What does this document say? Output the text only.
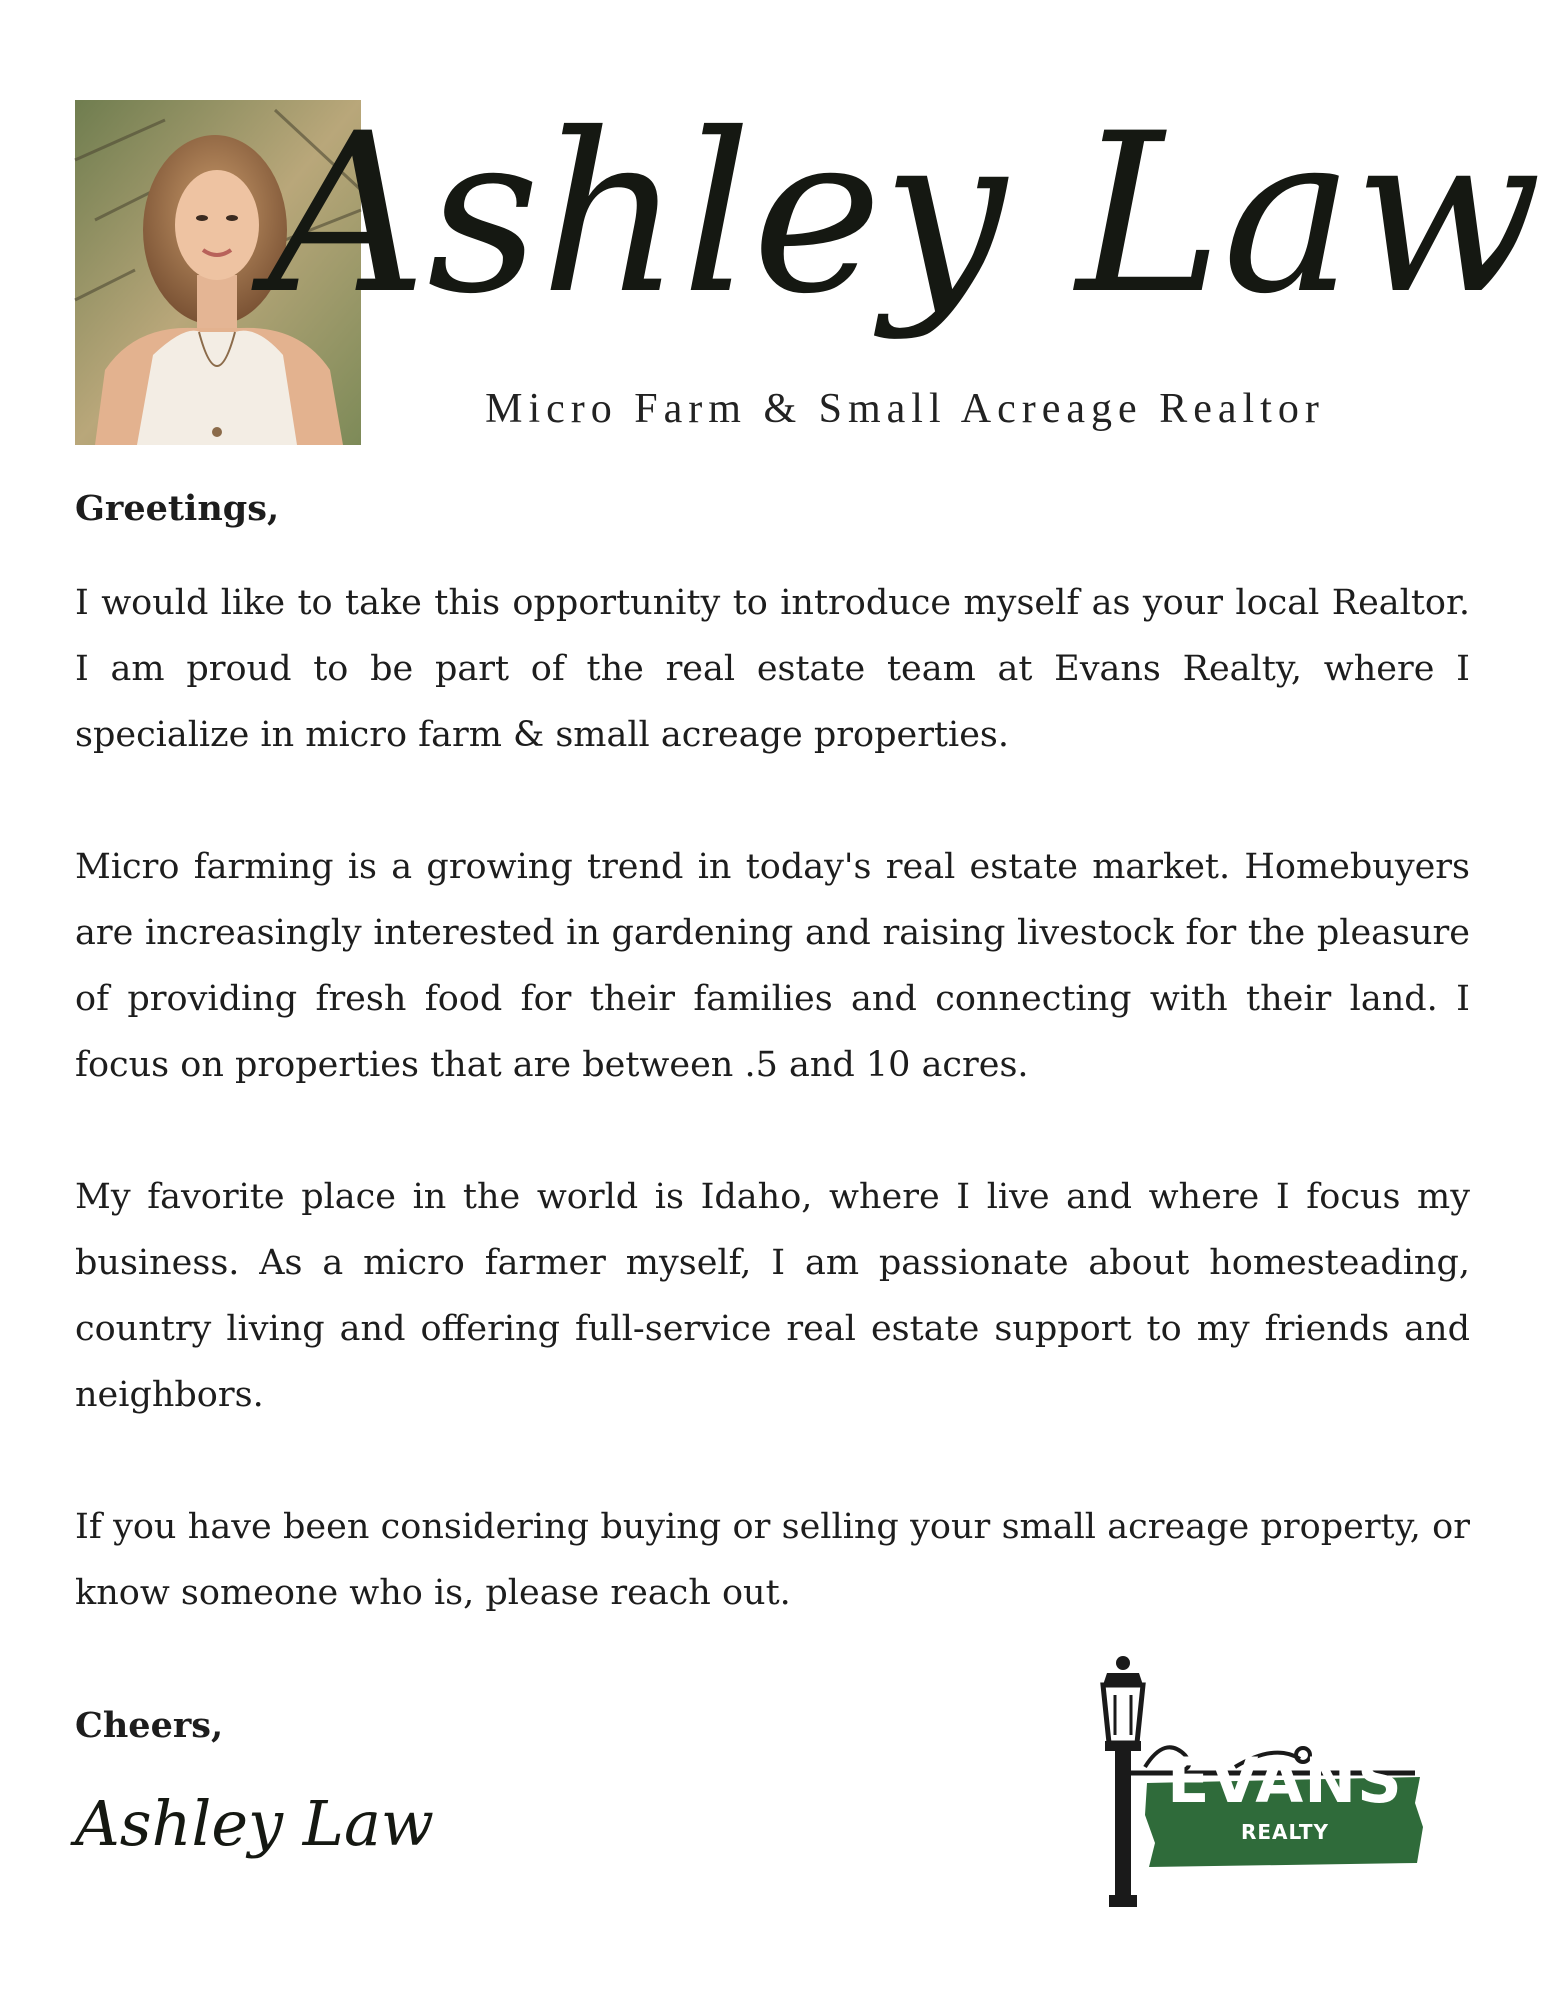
Ashley Law

Micro Farm & Small Acreage Realtor

Greetings,

I would like to take this opportunity to introduce myself as your local Realtor. I am proud to be part of the real estate team at Evans Realty, where I specialize in micro farm & small acreage properties.

Micro farming is a growing trend in today's real estate market. Homebuyers are increasingly interested in gardening and raising livestock for the pleasure of providing fresh food for their families and connecting with their land. I focus on properties that are between .5 and 10 acres.

My favorite place in the world is Idaho, where I live and where I focus my business. As a micro farmer myself, I am passionate about homesteading, country living and offering full-service real estate support to my friends and neighbors.

If you have been considering buying or selling your small acreage property, or know someone who is, please reach out.

Cheers,

Ashley Law
EVANS
REALTY
